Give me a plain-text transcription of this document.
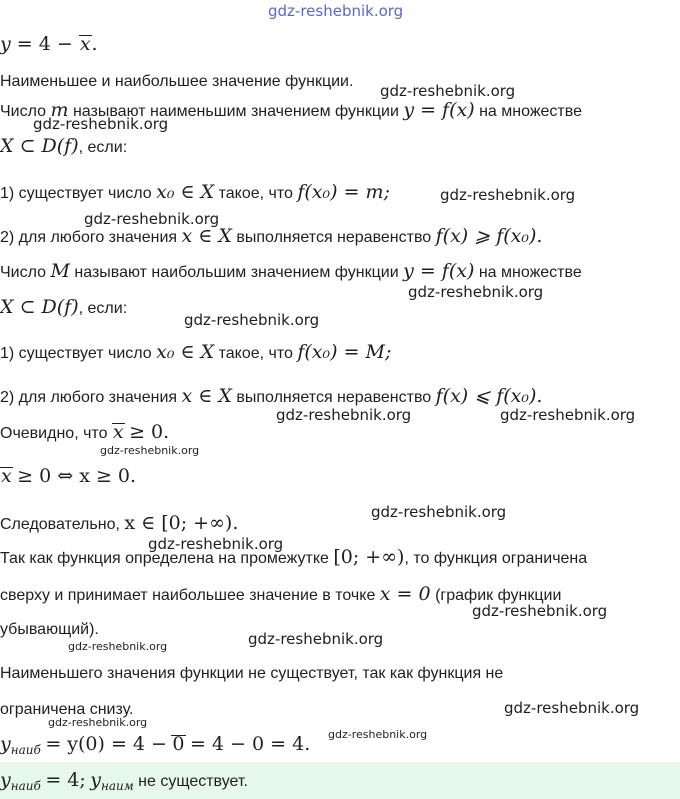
y = 4 − x.
Наименьшее и наибольшее значение функции.
Число m называют наименьшим значением функции y = f(x) на множестве
X ⊂ D(f), если:
1) существует число x₀ ∈ X такое, что f(x₀) = m;
2) для любого значения x ∈ X выполняется неравенство f(x) ⩾ f(x₀).
Число M называют наибольшим значением функции y = f(x) на множестве
X ⊂ D(f), если:
1) существует число x₀ ∈ X такое, что f(x₀) = M;
2) для любого значения x ∈ X выполняется неравенство f(x) ⩽ f(x₀).
Очевидно, что x ≥ 0.
x ≥ 0 ⇔ x ≥ 0.
Следовательно, x ∈ [0; +∞).
Так как функция определена на промежутке [0; +∞), то функция ограничена
сверху и принимает наибольшее значение в точке x = 0 (график функции
убывающий).
Наименьшего значения функции не существует, так как функция не
ограничена снизу.
$y_{наиб} = y(0) = 4 - 0 = 4 - 0 = 4$.
$y_{наиб} = 4$; $y_{наим}$ не существует.
gdz-reshebnik.org
gdz-reshebnik.org
gdz-reshebnik.org
gdz-reshebnik.org
gdz-reshebnik.org
gdz-reshebnik.org
gdz-reshebnik.org
gdz-reshebnik.org	gdz-reshebnik.org
gdz-reshebnik.org
gdz-reshebnik.org
gdz-reshebnik.org
gdz-reshebnik.org
gdz-reshebnik.org
gdz-reshebnik.org
gdz-reshebnik.org
gdz-reshebnik.org
gdz-reshebnik.org
